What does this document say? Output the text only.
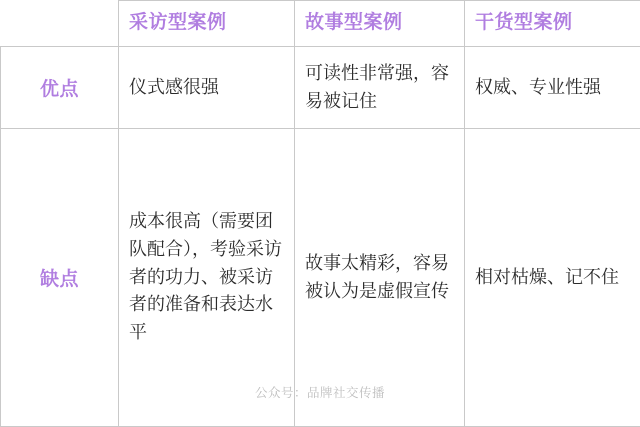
	采访型案例	故事型案例	干货型案例
优点	仪式感很强	可读性非常强，容易被记住	权威、专业性强
缺点	成本很高（需要团队配合），考验采访者的功力、被采访者的准备和表达水平	故事太精彩，容易被认为是虚假宣传	相对枯燥、记不住
公众号：品牌社交传播
